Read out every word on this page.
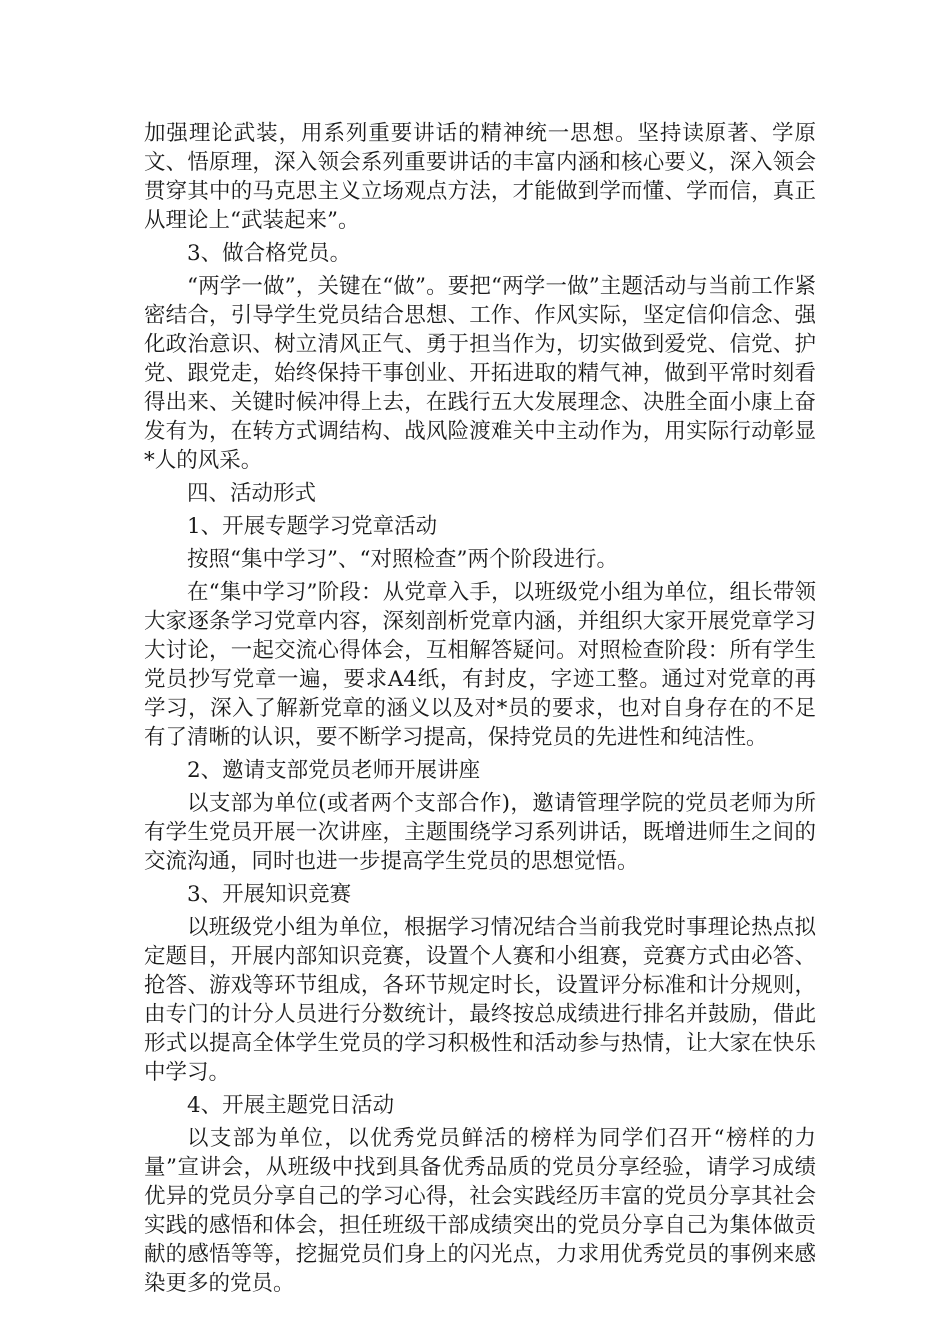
加强理论武装，用系列重要讲话的精神统一思想。坚持读原著、学原文、悟原理，深入领会系列重要讲话的丰富内涵和核心要义，深入领会贯穿其中的马克思主义立场观点方法，才能做到学而懂、学而信，真正从理论上“武装起来”。

3、做合格党员。

“两学一做”，关键在“做”。要把“两学一做”主题活动与当前工作紧密结合，引导学生党员结合思想、工作、作风实际，坚定信仰信念、强化政治意识、树立清风正气、勇于担当作为，切实做到爱党、信党、护党、跟党走，始终保持干事创业、开拓进取的精气神，做到平常时刻看得出来、关键时候冲得上去，在践行五大发展理念、决胜全面小康上奋发有为，在转方式调结构、战风险渡难关中主动作为，用实际行动彰显*人的风采。

四、活动形式

1、开展专题学习党章活动

按照“集中学习”、“对照检查”两个阶段进行。

在“集中学习”阶段：从党章入手，以班级党小组为单位，组长带领大家逐条学习党章内容，深刻剖析党章内涵，并组织大家开展党章学习大讨论，一起交流心得体会，互相解答疑问。对照检查阶段：所有学生党员抄写党章一遍，要求A4纸，有封皮，字迹工整。通过对党章的再学习，深入了解新党章的涵义以及对*员的要求，也对自身存在的不足有了清晰的认识，要不断学习提高，保持党员的先进性和纯洁性。

2、邀请支部党员老师开展讲座

以支部为单位(或者两个支部合作)，邀请管理学院的党员老师为所有学生党员开展一次讲座，主题围绕学习系列讲话，既增进师生之间的交流沟通，同时也进一步提高学生党员的思想觉悟。

3、开展知识竞赛

以班级党小组为单位，根据学习情况结合当前我党时事理论热点拟定题目，开展内部知识竞赛，设置个人赛和小组赛，竞赛方式由必答、抢答、游戏等环节组成，各环节规定时长，设置评分标准和计分规则，由专门的计分人员进行分数统计，最终按总成绩进行排名并鼓励，借此形式以提高全体学生党员的学习积极性和活动参与热情，让大家在快乐中学习。

4、开展主题党日活动

以支部为单位，以优秀党员鲜活的榜样为同学们召开“榜样的力量”宣讲会，从班级中找到具备优秀品质的党员分享经验，请学习成绩优异的党员分享自己的学习心得，社会实践经历丰富的党员分享其社会实践的感悟和体会，担任班级干部成绩突出的党员分享自己为集体做贡献的感悟等等，挖掘党员们身上的闪光点，力求用优秀党员的事例来感染更多的党员。
